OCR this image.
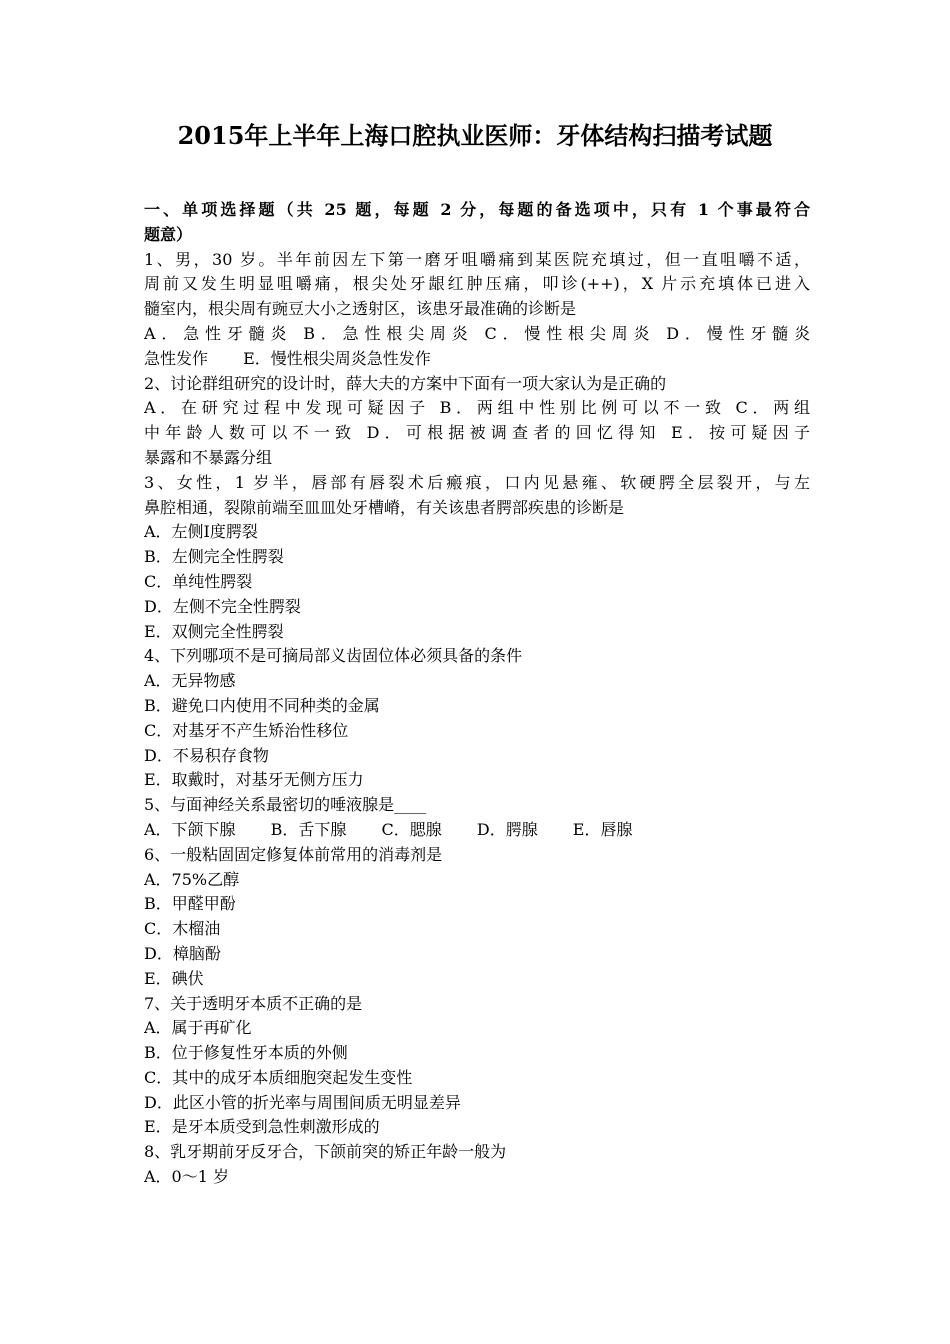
2015年上半年上海口腔执业医师：牙体结构扫描考试题
一、单项选择题（共 25 题，每题 2 分，每题的备选项中，只有 1 个事最符合
题意）
1、男，30 岁。半年前因左下第一磨牙咀嚼痛到某医院充填过，但一直咀嚼不适，
周前又发生明显咀嚼痛，根尖处牙龈红肿压痛，叩诊(++)，X 片示充填体已进入
髓室内，根尖周有豌豆大小之透射区，该患牙最准确的诊断是
A．急性牙髓炎 B．急性根尖周炎 C．慢性根尖周炎 D．慢性牙髓炎
急性发作 E．慢性根尖周炎急性发作
2、讨论群组研究的设计时，薛大夫的方案中下面有一项大家认为是正确的
A．在研究过程中发现可疑因子 B．两组中性别比例可以不一致 C．两组
中年龄人数可以不一致 D．可根据被调查者的回忆得知 E．按可疑因子
暴露和不暴露分组
3、女性，1 岁半，唇部有唇裂术后瘢痕，口内见悬雍、软硬腭全层裂开，与左
鼻腔相通，裂隙前端至皿皿处牙槽嵴，有关该患者腭部疾患的诊断是
A．左侧Ⅰ度腭裂
B．左侧完全性腭裂
C．单纯性腭裂
D．左侧不完全性腭裂
E．双侧完全性腭裂
4、下列哪项不是可摘局部义齿固位体必须具备的条件
A．无异物感
B．避免口内使用不同种类的金属
C．对基牙不产生矫治性移位
D．不易积存食物
E．取戴时，对基牙无侧方压力
5、与面神经关系最密切的唾液腺是____
A．下颌下腺 B．舌下腺 C．腮腺 D．腭腺 E．唇腺
6、一般粘固固定修复体前常用的消毒剂是
A．75%乙醇
B．甲醛甲酚
C．木榴油
D．樟脑酚
E．碘伏
7、关于透明牙本质不正确的是
A．属于再矿化
B．位于修复性牙本质的外侧
C．其中的成牙本质细胞突起发生变性
D．此区小管的折光率与周围间质无明显差异
E．是牙本质受到急性刺激形成的
8、乳牙期前牙反牙合，下颌前突的矫正年龄一般为
A．0～1 岁
